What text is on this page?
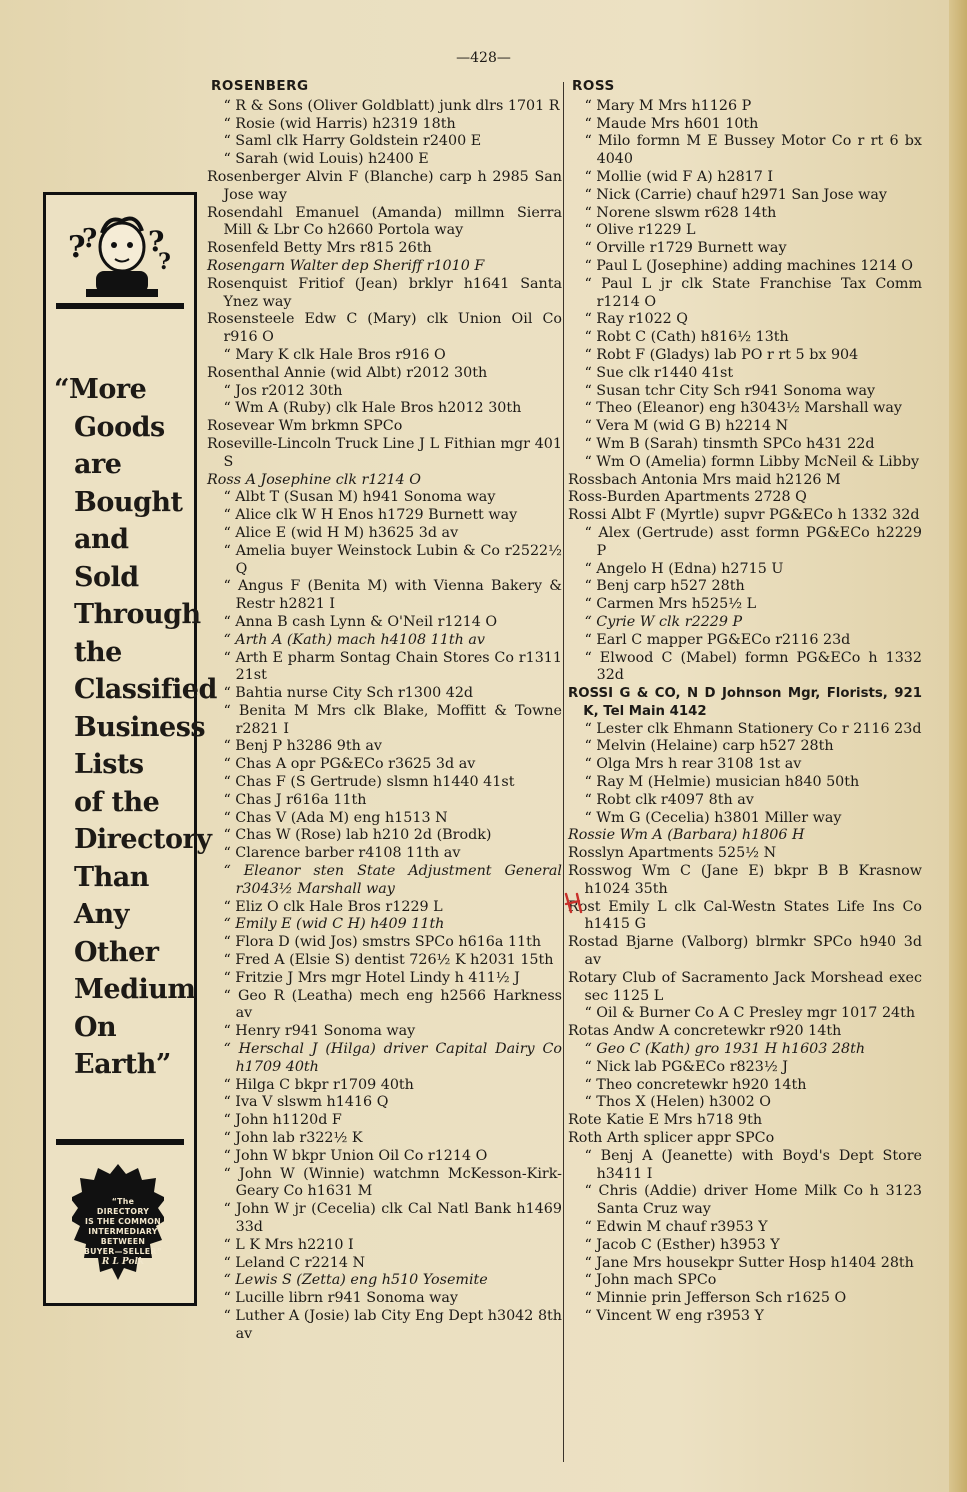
—428—
?
? ?
?
“More
Goods
are
Bought
and
Sold
Through
the
Classified
Business
Lists
of the
Directory
Than
Any
Other
Medium
On
Earth”
“The
DIRECTORY
IS THE COMMON
INTERMEDIARY
BETWEEN
BUYER—SELLER”
R L Polk
ROSENBERG
“ R & Sons (Oliver Goldblatt) junk dlrs 1701 R
“ Rosie (wid Harris) h2319 18th
“ Saml clk Harry Goldstein r2400 E
“ Sarah (wid Louis) h2400 E
Rosenberger Alvin F (Blanche) carp h 2985 San Jose way
Rosendahl Emanuel (Amanda) millmn Sierra Mill & Lbr Co h2660 Portola way
Rosenfeld Betty Mrs r815 26th
Rosengarn Walter dep Sheriff r1010 F
Rosenquist Fritiof (Jean) brklyr h1641 Santa Ynez way
Rosensteele Edw C (Mary) clk Union Oil Co r916 O
“ Mary K clk Hale Bros r916 O
Rosenthal Annie (wid Albt) r2012 30th
“ Jos r2012 30th
“ Wm A (Ruby) clk Hale Bros h2012 30th
Rosevear Wm brkmn SPCo
Roseville-Lincoln Truck Line J L Fithian mgr 401 S
Ross A Josephine clk r1214 O
“ Albt T (Susan M) h941 Sonoma way
“ Alice clk W H Enos h1729 Burnett way
“ Alice E (wid H M) h3625 3d av
“ Amelia buyer Weinstock Lubin & Co r2522½ Q
“ Angus F (Benita M) with Vienna Bakery & Restr h2821 I
“ Anna B cash Lynn & O'Neil r1214 O
“ Arth A (Kath) mach h4108 11th av
“ Arth E pharm Sontag Chain Stores Co r1311 21st
“ Bahtia nurse City Sch r1300 42d
“ Benita M Mrs clk Blake, Moffitt & Towne r2821 I
“ Benj P h3286 9th av
“ Chas A opr PG&ECo r3625 3d av
“ Chas F (S Gertrude) slsmn h1440 41st
“ Chas J r616a 11th
“ Chas V (Ada M) eng h1513 N
“ Chas W (Rose) lab h210 2d (Brodk)
“ Clarence barber r4108 11th av
“ Eleanor sten State Adjustment General r3043½ Marshall way
“ Eliz O clk Hale Bros r1229 L
“ Emily E (wid C H) h409 11th
“ Flora D (wid Jos) smstrs SPCo h616a 11th
“ Fred A (Elsie S) dentist 726½ K h2031 15th
“ Fritzie J Mrs mgr Hotel Lindy h 411½ J
“ Geo R (Leatha) mech eng h2566 Harkness av
“ Henry r941 Sonoma way
“ Herschal J (Hilga) driver Capital Dairy Co h1709 40th
“ Hilga C bkpr r1709 40th
“ Iva V slswm h1416 Q
“ John h1120d F
“ John lab r322½ K
“ John W bkpr Union Oil Co r1214 O
“ John W (Winnie) watchmn McKesson-Kirk-Geary Co h1631 M
“ John W jr (Cecelia) clk Cal Natl Bank h1469 33d
“ L K Mrs h2210 I
“ Leland C r2214 N
“ Lewis S (Zetta) eng h510 Yosemite
“ Lucille librn r941 Sonoma way
“ Luther A (Josie) lab City Eng Dept h3042 8th av
ROSS
“ Mary M Mrs h1126 P
“ Maude Mrs h601 10th
“ Milo formn M E Bussey Motor Co r rt 6 bx 4040
“ Mollie (wid F A) h2817 I
“ Nick (Carrie) chauf h2971 San Jose way
“ Norene slswm r628 14th
“ Olive r1229 L
“ Orville r1729 Burnett way
“ Paul L (Josephine) adding machines 1214 O
“ Paul L jr clk State Franchise Tax Comm r1214 O
“ Ray r1022 Q
“ Robt C (Cath) h816½ 13th
“ Robt F (Gladys) lab PO r rt 5 bx 904
“ Sue clk r1440 41st
“ Susan tchr City Sch r941 Sonoma way
“ Theo (Eleanor) eng h3043½ Marshall way
“ Vera M (wid G B) h2214 N
“ Wm B (Sarah) tinsmth SPCo h431 22d
“ Wm O (Amelia) formn Libby McNeil & Libby
Rossbach Antonia Mrs maid h2126 M
Ross-Burden Apartments 2728 Q
Rossi Albt F (Myrtle) supvr PG&ECo h 1332 32d
“ Alex (Gertrude) asst formn PG&ECo h2229 P
“ Angelo H (Edna) h2715 U
“ Benj carp h527 28th
“ Carmen Mrs h525½ L
“ Cyrie W clk r2229 P
“ Earl C mapper PG&ECo r2116 23d
“ Elwood C (Mabel) formn PG&ECo h 1332 32d
ROSSI G & CO, N D Johnson Mgr, Florists, 921 K, Tel Main 4142
“ Lester clk Ehmann Stationery Co r 2116 23d
“ Melvin (Helaine) carp h527 28th
“ Olga Mrs h rear 3108 1st av
“ Ray M (Helmie) musician h840 50th
“ Robt clk r4097 8th av
“ Wm G (Cecelia) h3801 Miller way
Rossie Wm A (Barbara) h1806 H
Rosslyn Apartments 525½ N
Rosswog Wm C (Jane E) bkpr B B Krasnow h1024 35th
Rost Emily L clk Cal-Westn States Life Ins Co h1415 G
Rostad Bjarne (Valborg) blrmkr SPCo h940 3d av
Rotary Club of Sacramento Jack Morshead exec sec 1125 L
“ Oil & Burner Co A C Presley mgr 1017 24th
Rotas Andw A concretewkr r920 14th
“ Geo C (Kath) gro 1931 H h1603 28th
“ Nick lab PG&ECo r823½ J
“ Theo concretewkr h920 14th
“ Thos X (Helen) h3002 O
Rote Katie E Mrs h718 9th
Roth Arth splicer appr SPCo
“ Benj A (Jeanette) with Boyd's Dept Store h3411 I
“ Chris (Addie) driver Home Milk Co h 3123 Santa Cruz way
“ Edwin M chauf r3953 Y
“ Jacob C (Esther) h3953 Y
“ Jane Mrs housekpr Sutter Hosp h1404 28th
“ John mach SPCo
“ Minnie prin Jefferson Sch r1625 O
“ Vincent W eng r3953 Y
